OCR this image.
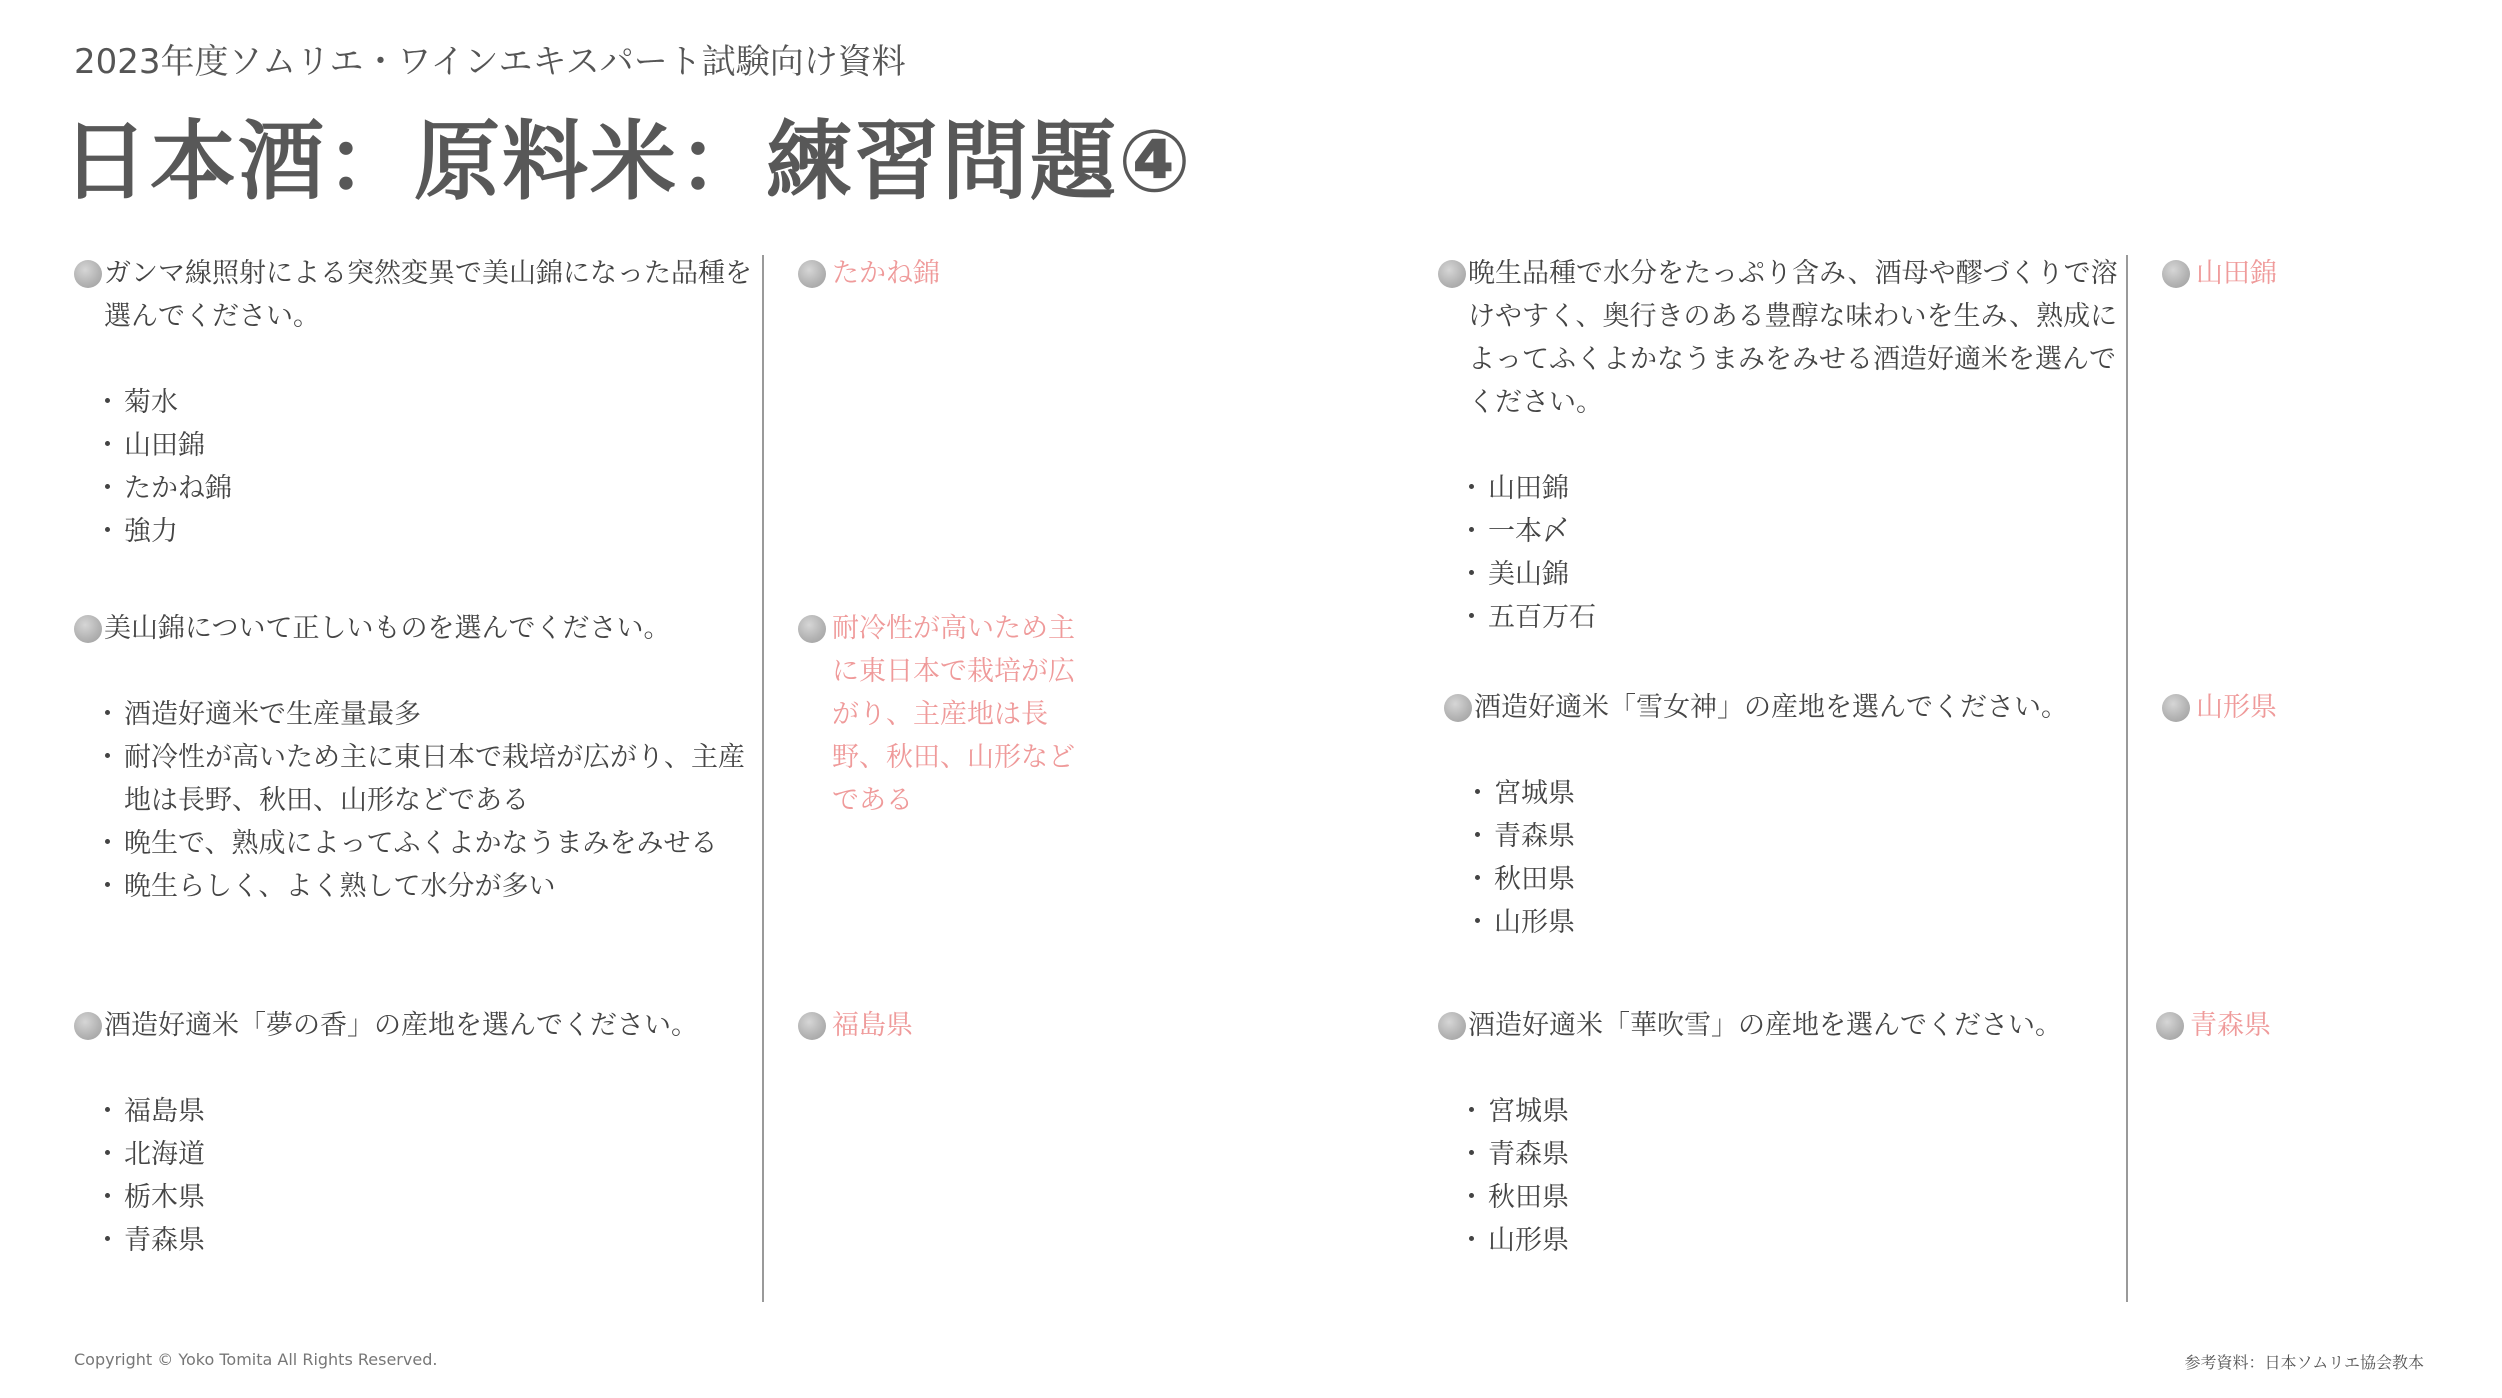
2023年度ソムリエ・ワインエキスパート試験向け資料
日本酒：原料米：練習問題④
ガンマ線照射による突然変異で美山錦になった品種を選んでください。
・ 菊水
・ 山田錦
・ たかね錦
・ 強力
たかね錦
美山錦について正しいものを選んでください。
・ 酒造好適米で生産量最多
・ 耐冷性が高いため主に東日本で栽培が広がり、主産地は長野、秋田、山形などである
・ 晩生で、熟成によってふくよかなうまみをみせる
・ 晩生らしく、よく熟して水分が多い
耐冷性が高いため主に東日本で栽培が広がり、主産地は長野、秋田、山形などである
酒造好適米「夢の香」の産地を選んでください。
・ 福島県
・ 北海道
・ 栃木県
・ 青森県
福島県
晩生品種で水分をたっぷり含み、酒母や醪づくりで溶けやすく、奥行きのある豊醇な味わいを生み、熟成によってふくよかなうまみをみせる酒造好適米を選んでください。
・ 山田錦
・ 一本〆
・ 美山錦
・ 五百万石
山田錦
酒造好適米「雪女神」の産地を選んでください。
・ 宮城県
・ 青森県
・ 秋田県
・ 山形県
山形県
酒造好適米「華吹雪」の産地を選んでください。
・ 宮城県
・ 青森県
・ 秋田県
・ 山形県
青森県
Copyright © Yoko Tomita All Rights Reserved.	参考資料：日本ソムリエ協会教本
